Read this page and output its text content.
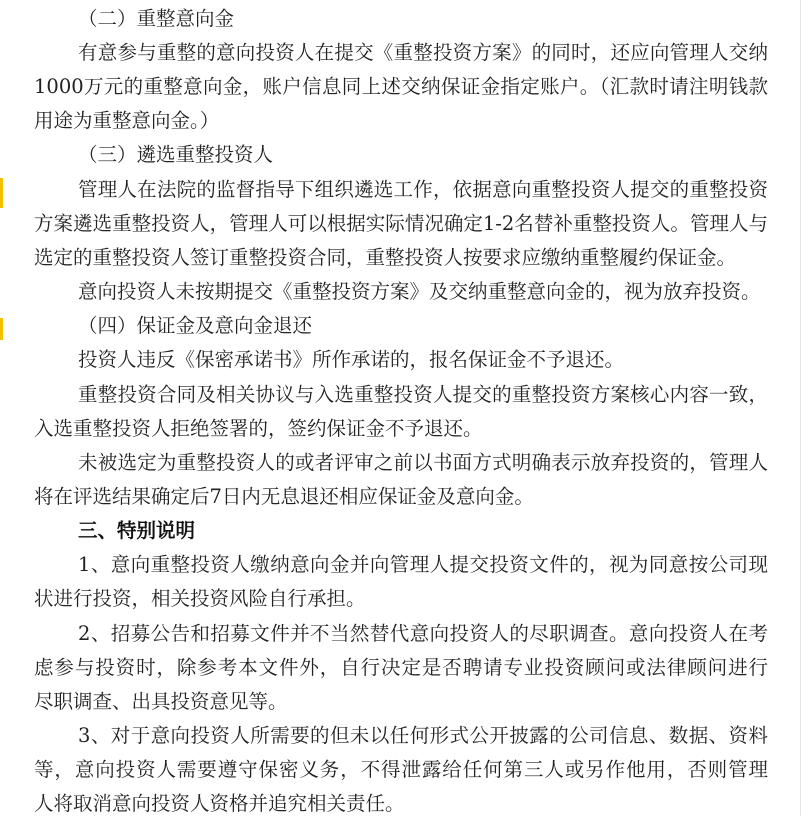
（二）重整意向金
有意参与重整的意向投资人在提交《重整投资方案》的同时，还应向管理人交纳
1000万元的重整意向金，账户信息同上述交纳保证金指定账户。（汇款时请注明钱款
用途为重整意向金。）
（三）遴选重整投资人
管理人在法院的监督指导下组织遴选工作，依据意向重整投资人提交的重整投资
方案遴选重整投资人，管理人可以根据实际情况确定1-2名替补重整投资人。管理人与
选定的重整投资人签订重整投资合同，重整投资人按要求应缴纳重整履约保证金。
意向投资人未按期提交《重整投资方案》及交纳重整意向金的，视为放弃投资。
（四）保证金及意向金退还
投资人违反《保密承诺书》所作承诺的，报名保证金不予退还。
重整投资合同及相关协议与入选重整投资人提交的重整投资方案核心内容一致，
入选重整投资人拒绝签署的，签约保证金不予退还。
未被选定为重整投资人的或者评审之前以书面方式明确表示放弃投资的，管理人
将在评选结果确定后7日内无息退还相应保证金及意向金。
三、特别说明
1、意向重整投资人缴纳意向金并向管理人提交投资文件的，视为同意按公司现
状进行投资，相关投资风险自行承担。
2、招募公告和招募文件并不当然替代意向投资人的尽职调查。意向投资人在考
虑参与投资时，除参考本文件外，自行决定是否聘请专业投资顾问或法律顾问进行
尽职调查、出具投资意见等。
3、对于意向投资人所需要的但未以任何形式公开披露的公司信息、数据、资料
等，意向投资人需要遵守保密义务，不得泄露给任何第三人或另作他用，否则管理
人将取消意向投资人资格并追究相关责任。
